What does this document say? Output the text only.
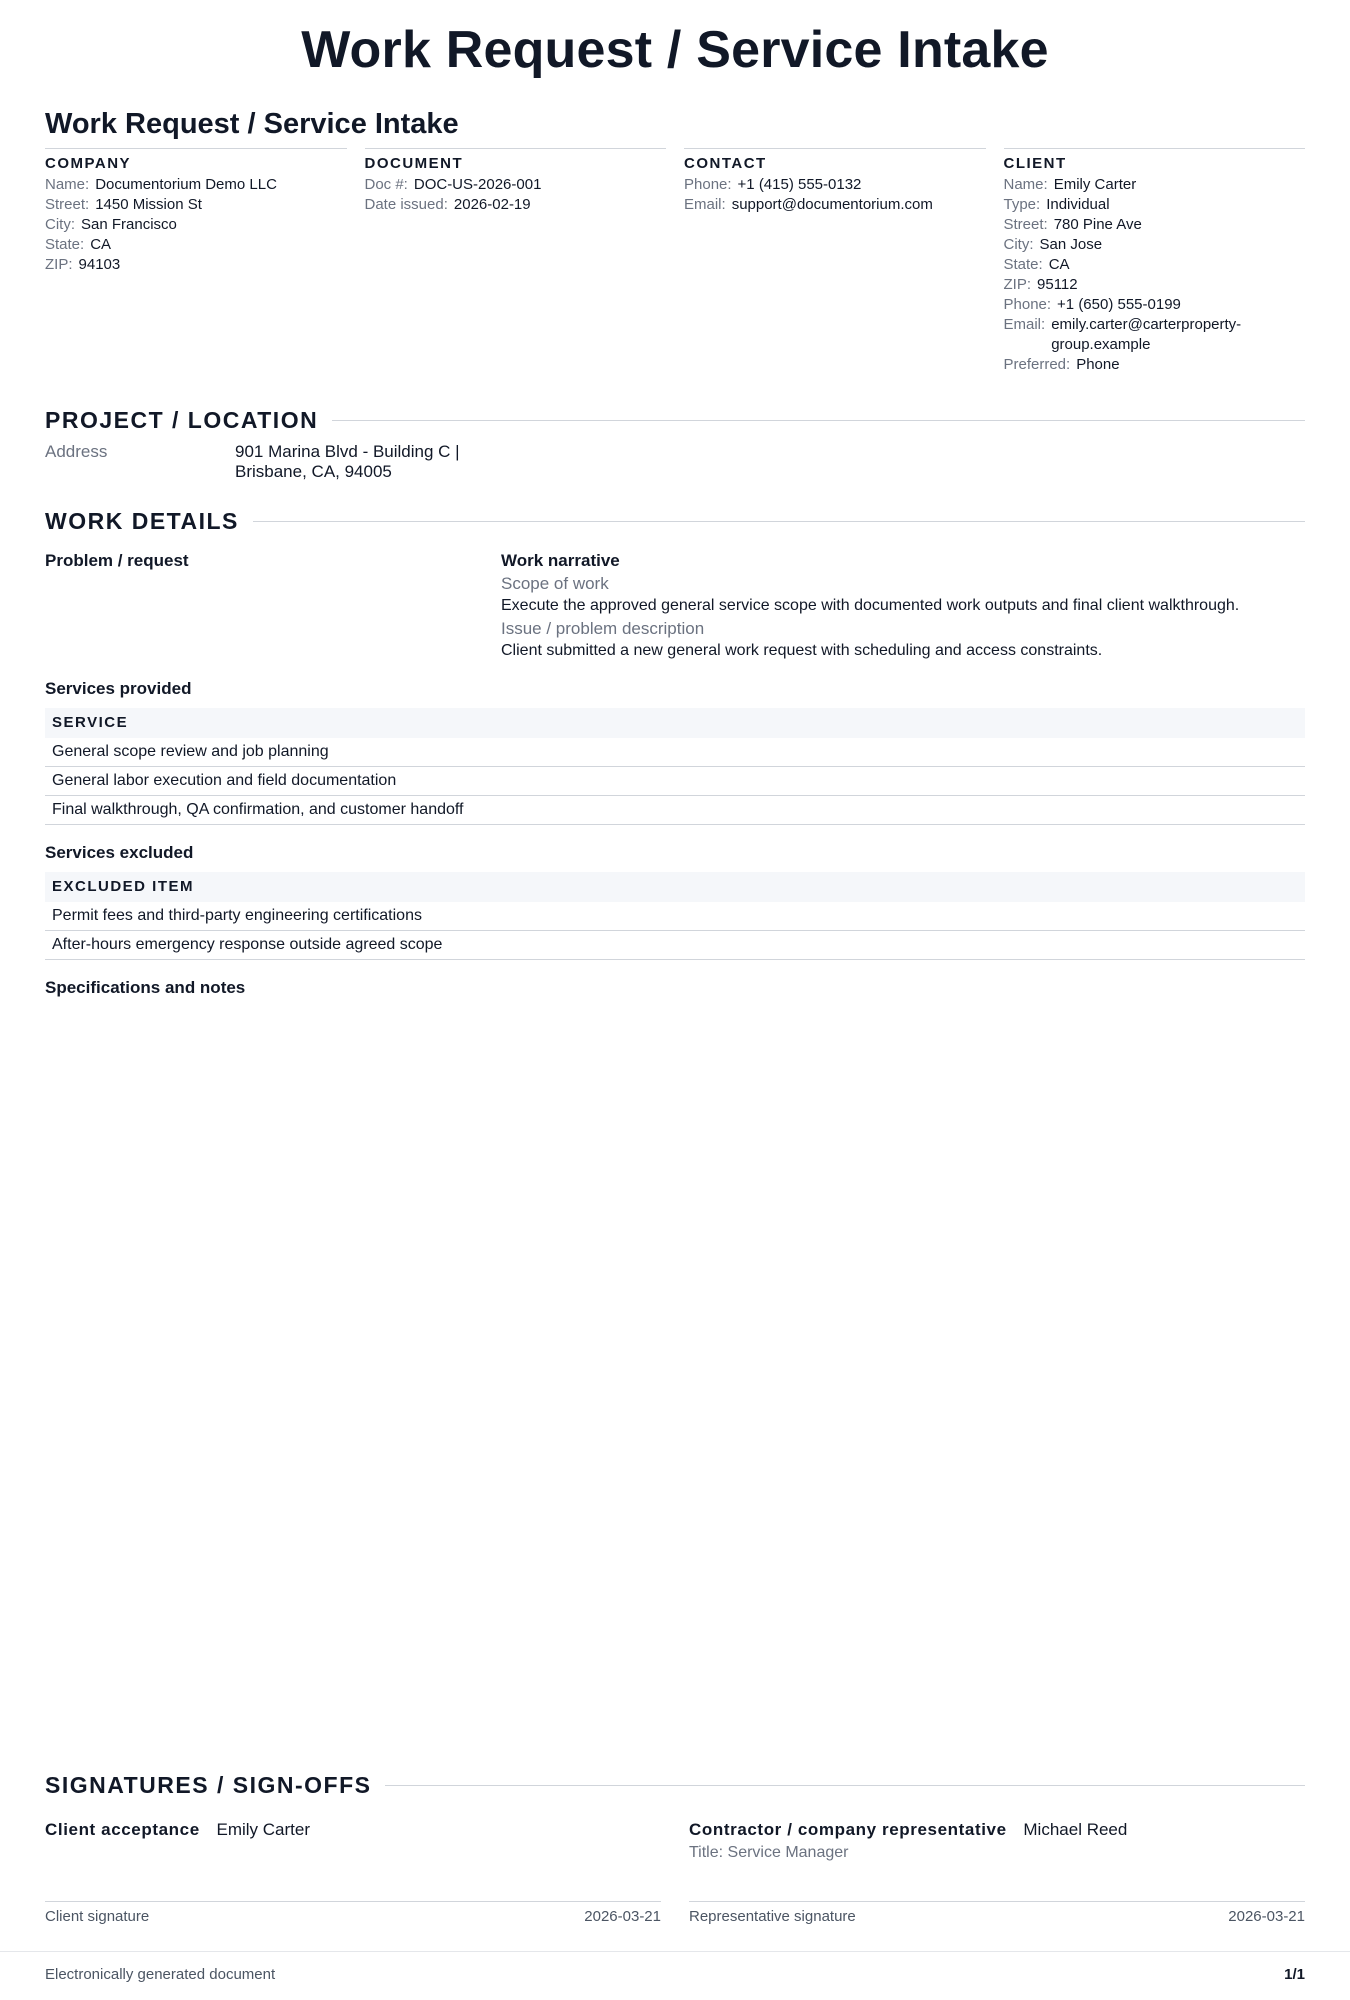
Work Request / Service Intake
Work Request / Service Intake
COMPANY
Name: Documentorium Demo LLC
Street: 1450 Mission St
City: San Francisco
State: CA
ZIP: 94103
DOCUMENT
Doc #: DOC-US-2026-001
Date issued: 2026-02-19
CONTACT
Phone: +1 (415) 555-0132
Email: support@documentorium.com
CLIENT
Name: Emily Carter
Type: Individual
Street: 780 Pine Ave
City: San Jose
State: CA
ZIP: 95112
Phone: +1 (650) 555-0199
Email: emily.carter@carterproperty-group.example
Preferred: Phone
PROJECT / LOCATION
Address	901 Marina Blvd - Building C |
Brisbane, CA, 94005
WORK DETAILS
Problem / request	Work narrative
Scope of work
Execute the approved general service scope with documented work outputs and final client walkthrough.
Issue / problem description
Client submitted a new general work request with scheduling and access constraints.
Services provided
SERVICE
General scope review and job planning
General labor execution and field documentation
Final walkthrough, QA confirmation, and customer handoff
Services excluded
EXCLUDED ITEM
Permit fees and third-party engineering certifications
After-hours emergency response outside agreed scope
Specifications and notes
SIGNATURES / SIGN-OFFS
Client acceptance Emily Carter
Client signature	2026-03-21
Contractor / company representative Michael Reed
Title: Service Manager
Representative signature	2026-03-21
Electronically generated document	1/1
